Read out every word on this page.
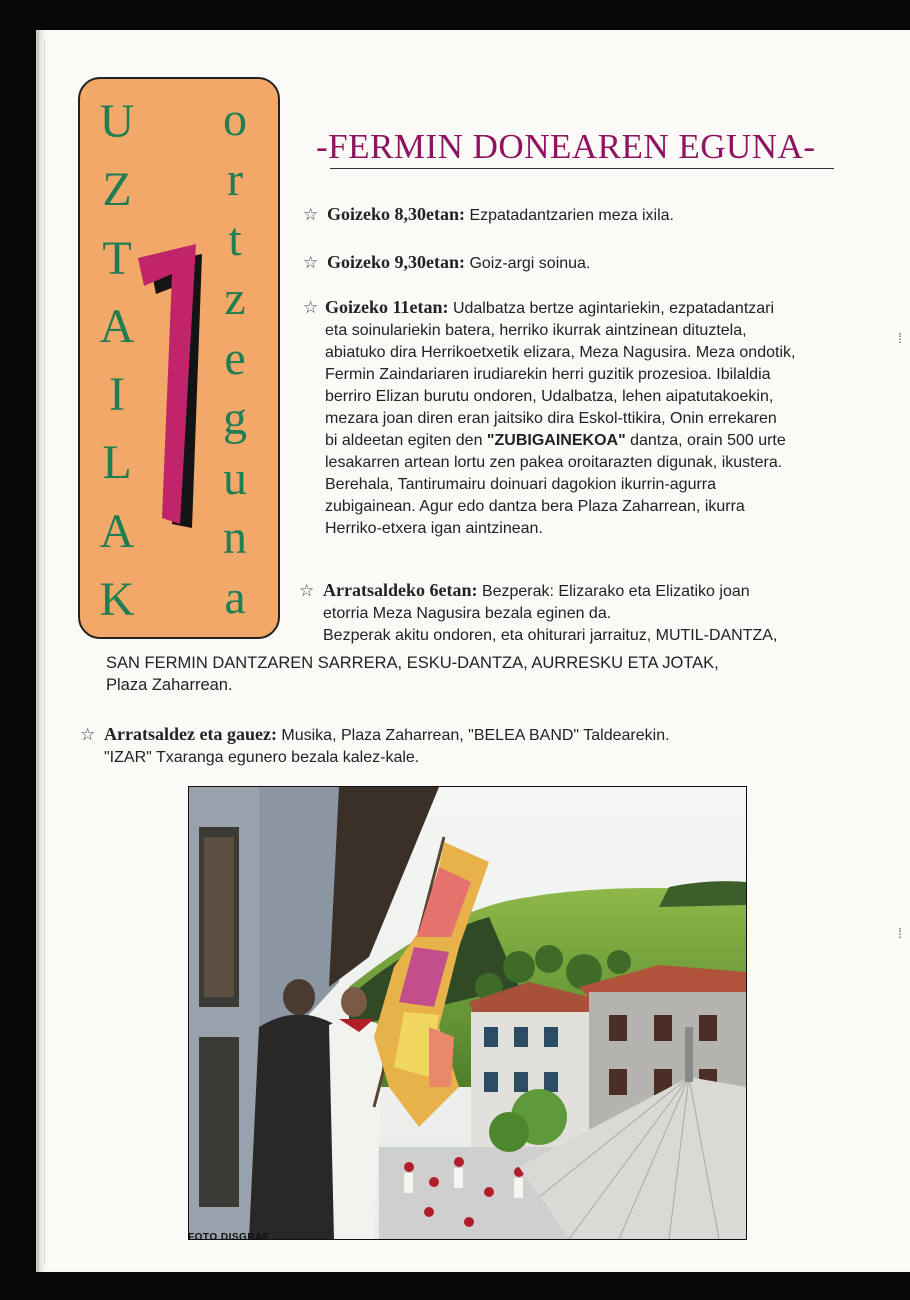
U
Z
T
A
I
L
A
K
o
r
t
z
e
g
u
n
a
7
-FERMIN DONEAREN EGUNA-
☆ Goizeko 8,30etan: Ezpatadantzarien meza ixila.
☆ Goizeko 9,30etan: Goiz-argi soinua.
☆ Goizeko 11etan: Udalbatza bertze agintariekin, ezpatadantzari
eta soinulariekin batera, herriko ikurrak aintzinean dituztela,
abiatuko dira Herrikoetxetik elizara, Meza Nagusira. Meza ondotik,
Fermin Zaindariaren irudiarekin herri guzitik prozesioa. Ibilaldia
berriro Elizan burutu ondoren, Udalbatza, lehen aipatutakoekin,
mezara joan diren eran jaitsiko dira Eskol-ttikira, Onin errekaren
bi aldeetan egiten den "ZUBIGAINEKOA" dantza, orain 500 urte
lesakarren artean lortu zen pakea oroitarazten digunak, ikustera.
Berehala, Tantirumairu doinuari dagokion ikurrin-agurra
zubigainean. Agur edo dantza bera Plaza Zaharrean, ikurra
Herriko-etxera igan aintzinean.
☆ Arratsaldeko 6etan: Bezperak: Elizarako eta Elizatiko joan
etorria Meza Nagusira bezala eginen da.
Bezperak akitu ondoren, eta ohiturari jarraituz, MUTIL-DANTZA,
SAN FERMIN DANTZAREN SARRERA, ESKU-DANTZA, AURRESKU ETA JOTAK,
Plaza Zaharrean.
☆ Arratsaldez eta gauez: Musika, Plaza Zaharrean, "BELEA BAND" Taldearekin.
"IZAR" Txaranga egunero bezala kalez-kale.
FOTO DISGRAF
⁞
⁞
